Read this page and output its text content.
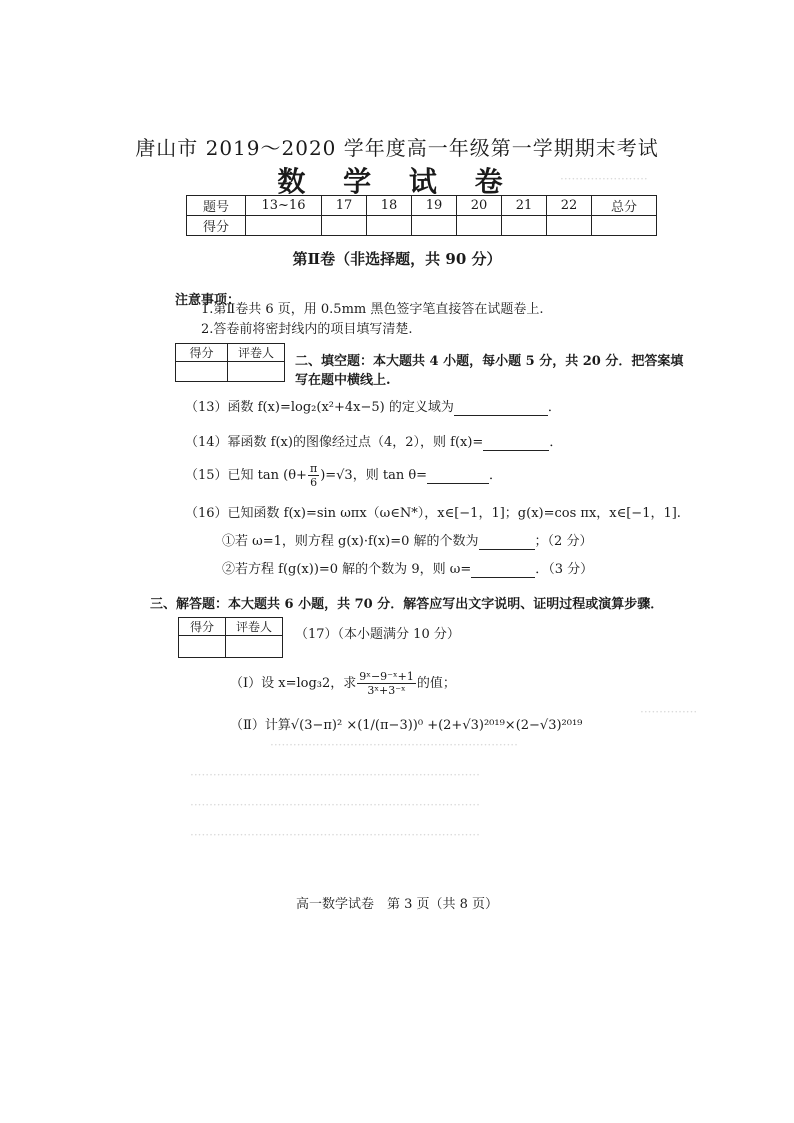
·······················
···············
·································································
············································································
············································································
············································································
唐山市 2019～2020 学年度高一年级第一学期期末考试
数 学 试 卷
题号	13~16	17	18	19	20	21	22	总分
得分								
第Ⅱ卷（非选择题，共 90 分）
注意事项：
1.第Ⅱ卷共 6 页，用 0.5mm 黑色签字笔直接答在试题卷上.
2.答卷前将密封线内的项目填写清楚.
得分	评卷人

二、填空题：本大题共 4 小题，每小题 5 分，共 20 分．把答案填
写在题中横线上.
（13）函数 f(x)=log₂(x²+4x−5) 的定义域为	．
（14）幂函数 f(x)的图像经过点（4，2），则 f(x)=	．
（15）已知 $\tan (\theta+ \frac{\pi}{6} )=√3$，则 tan θ=	．
（16）已知函数 f(x)=sin ωπx（ω∈N*），x∈[−1，1]；g(x)=cos πx，x∈[−1，1].
①若 ω=1，则方程 g(x)·f(x)=0 解的个数为	；（2 分）
②若方程 f(g(x))=0 解的个数为 9，则 ω=	．（3 分）
三、解答题：本大题共 6 小题，共 70 分．解答应写出文字说明、证明过程或演算步骤．
得分	评卷人
	（17）（本小题满分 10 分）
（Ⅰ）设 x=log₃2，求 $\frac{\text{9ˣ−9⁻ˣ+1}}{\text{3ˣ+3⁻ˣ}}$ 的值；
（Ⅱ）计算√(3−π)² ×(1/(π−3))⁰ +(2+√3)²⁰¹⁹×(2−√3)²⁰¹⁹
高一数学试卷　第 3 页（共 8 页）
